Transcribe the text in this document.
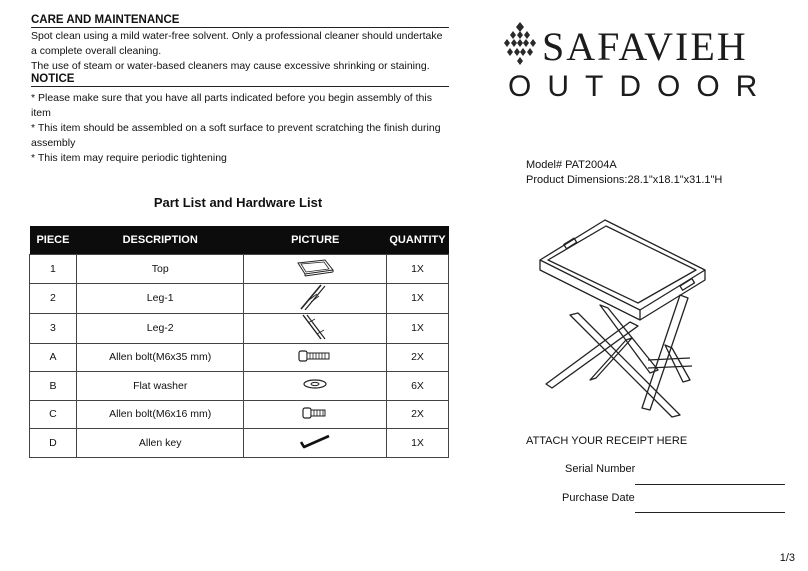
CARE AND MAINTENANCE

Spot clean using a mild water-free solvent. Only a professional cleaner should undertake a complete overall cleaning.

The use of steam or water-based cleaners may cause excessive shrinking or staining.

NOTICE

* Please make sure that you have all parts indicated before you begin assembly of this item

* This item should be assembled on a soft surface to prevent scratching the finish during assembly

* This item may require periodic tightening

Part List and Hardware List
PIECE	DESCRIPTION	PICTURE	QUANTITY
1	Top		1X
2	Leg-1		1X
3	Leg-2		1X
A	Allen bolt(M6x35 mm)		2X
B	Flat washer		6X
C	Allen bolt(M6x16 mm)		2X
D	Allen key		1X
SAFAVIEH
OUTDOOR
Model# PAT2004A
Product Dimensions:28.1"x18.1"x31.1"H
ATTACH YOUR RECEIPT HERE
Serial Number
Purchase Date
1/3
